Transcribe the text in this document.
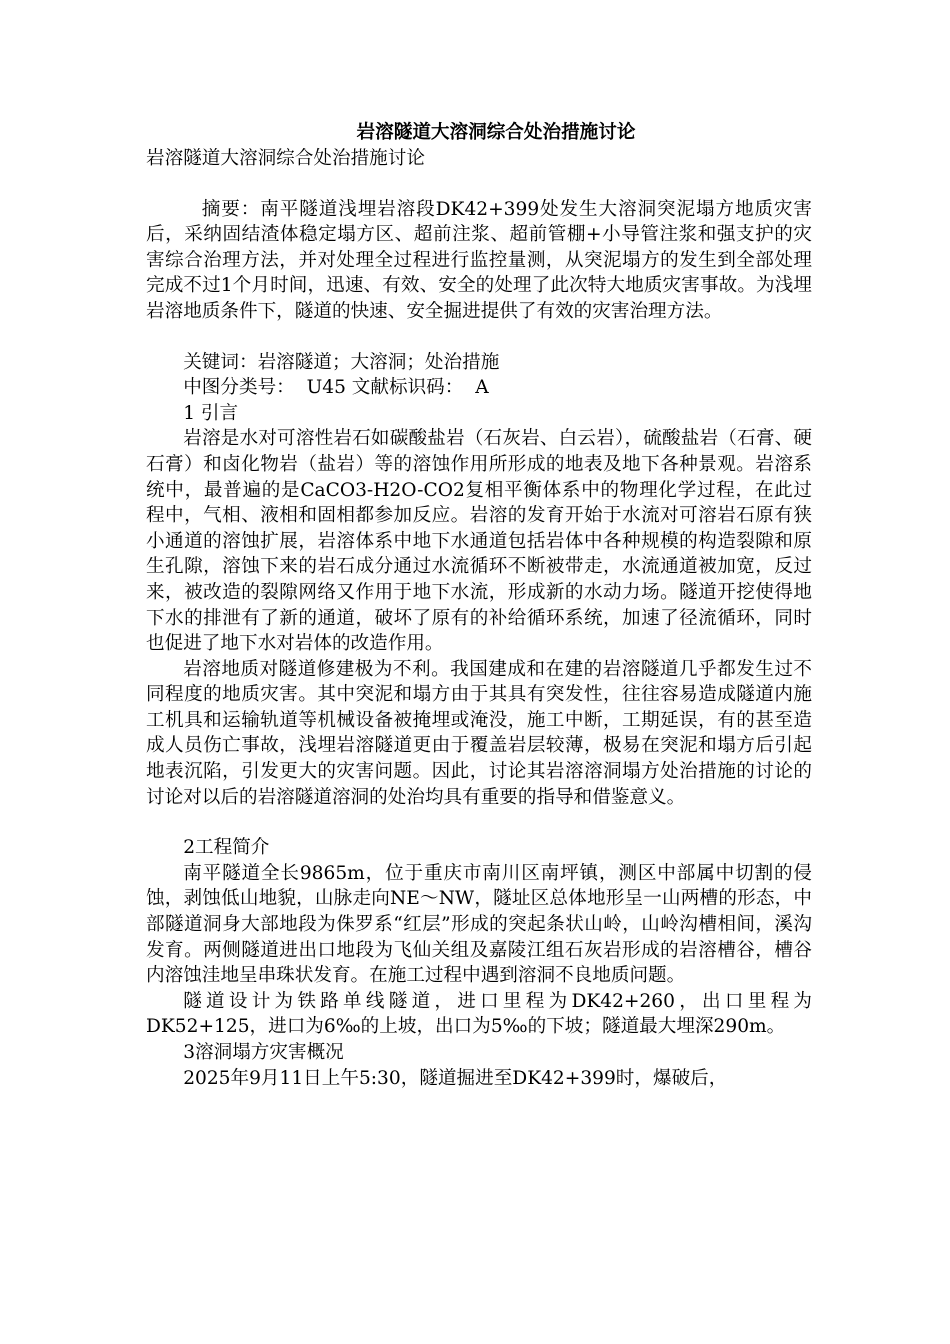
岩溶隧道大溶洞综合处治措施讨论
岩溶隧道大溶洞综合处治措施讨论

摘要：南平隧道浅埋岩溶段DK42+399处发生大溶洞突泥塌方地质灾害后，采纳固结渣体稳定塌方区、超前注浆、超前管棚+小导管注浆和强支护的灾害综合治理方法，并对处理全过程进行监控量测，从突泥塌方的发生到全部处理完成不过1个月时间，迅速、有效、安全的处理了此次特大地质灾害事故。为浅埋岩溶地质条件下，隧道的快速、安全掘进提供了有效的灾害治理方法。

关键词：岩溶隧道；大溶洞；处治措施

中图分类号：  U45 文献标识码：  A

1 引言

岩溶是水对可溶性岩石如碳酸盐岩（石灰岩、白云岩），硫酸盐岩（石膏、硬石膏）和卤化物岩（盐岩）等的溶蚀作用所形成的地表及地下各种景观。岩溶系统中，最普遍的是CaCO3-H2O-CO2复相平衡体系中的物理化学过程，在此过程中，气相、液相和固相都参加反应。岩溶的发育开始于水流对可溶岩石原有狭小通道的溶蚀扩展，岩溶体系中地下水通道包括岩体中各种规模的构造裂隙和原生孔隙，溶蚀下来的岩石成分通过水流循环不断被带走，水流通道被加宽，反过来，被改造的裂隙网络又作用于地下水流，形成新的水动力场。隧道开挖使得地下水的排泄有了新的通道，破坏了原有的补给循环系统，加速了径流循环，同时也促进了地下水对岩体的改造作用。

岩溶地质对隧道修建极为不利。我国建成和在建的岩溶隧道几乎都发生过不同程度的地质灾害。其中突泥和塌方由于其具有突发性，往往容易造成隧道内施工机具和运输轨道等机械设备被掩埋或淹没，施工中断，工期延误，有的甚至造成人员伤亡事故，浅埋岩溶隧道更由于覆盖岩层较薄，极易在突泥和塌方后引起地表沉陷，引发更大的灾害问题。因此，讨论其岩溶溶洞塌方处治措施的讨论的讨论对以后的岩溶隧道溶洞的处治均具有重要的指导和借鉴意义。

2工程简介

南平隧道全长9865m，位于重庆市南川区南坪镇，测区中部属中切割的侵蚀，剥蚀低山地貌，山脉走向NE～NW，隧址区总体地形呈一山两槽的形态，中部隧道洞身大部地段为侏罗系“红层”形成的突起条状山岭，山岭沟槽相间，溪沟发育。两侧隧道进出口地段为飞仙关组及嘉陵江组石灰岩形成的岩溶槽谷，槽谷内溶蚀洼地呈串珠状发育。在施工过程中遇到溶洞不良地质问题。

隧道设计为铁路单线隧道，进口里程为DK42+260，出口里程为DK52+125，进口为6‰的上坡，出口为5‰的下坡；隧道最大埋深290m。

3溶洞塌方灾害概况

2025年9月11日上午5:30，隧道掘进至DK42+399时，爆破后，
